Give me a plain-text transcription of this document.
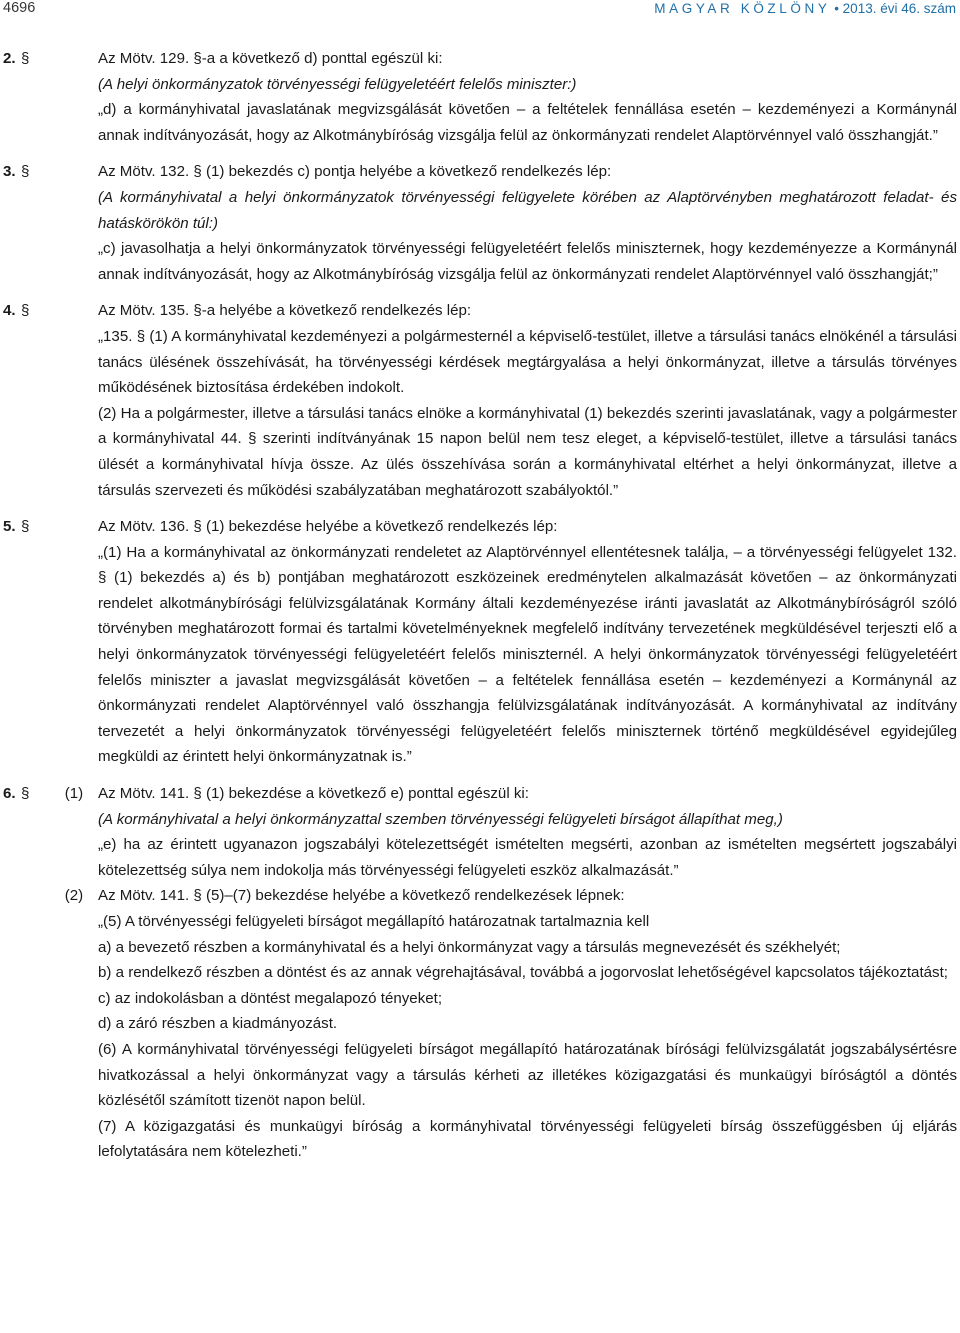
4696	MAGYAR KÖZLÖNY • 2013. évi 46. szám
2. §	Az Mötv. 129. §-a a következő d) ponttal egészül ki:

(A helyi önkormányzatok törvényességi felügyeletéért felelős miniszter:)

„d) a kormányhivatal javaslatának megvizsgálását követően – a feltételek fennállása esetén – kezdeményezi a Kormánynál annak indítványozását, hogy az Alkotmánybíróság vizsgálja felül az önkormányzati rendelet Alaptörvénnyel való összhangját.”

3. §	Az Mötv. 132. § (1) bekezdés c) pontja helyébe a következő rendelkezés lép:

(A kormányhivatal a helyi önkormányzatok törvényességi felügyelete körében az Alaptörvényben meghatározott feladat- és hatáskörökön túl:)

„c) javasolhatja a helyi önkormányzatok törvényességi felügyeletéért felelős miniszternek, hogy kezdeményezze a Kormánynál annak indítványozását, hogy az Alkotmánybíróság vizsgálja felül az önkormányzati rendelet Alaptörvénnyel való összhangját;”

4. §	Az Mötv. 135. §-a helyébe a következő rendelkezés lép:

„135. § (1) A kormányhivatal kezdeményezi a polgármesternél a képviselő-testület, illetve a társulási tanács elnökénél a társulási tanács ülésének összehívását, ha törvényességi kérdések megtárgyalása a helyi önkormányzat, illetve a társulás törvényes működésének biztosítása érdekében indokolt.

(2) Ha a polgármester, illetve a társulási tanács elnöke a kormányhivatal (1) bekezdés szerinti javaslatának, vagy a polgármester a kormányhivatal 44. § szerinti indítványának 15 napon belül nem tesz eleget, a képviselő-testület, illetve a társulási tanács ülését a kormányhivatal hívja össze. Az ülés összehívása során a kormányhivatal eltérhet a helyi önkormányzat, illetve a társulás szervezeti és működési szabályzatában meghatározott szabályoktól.”

5. §	Az Mötv. 136. § (1) bekezdése helyébe a következő rendelkezés lép:

„(1) Ha a kormányhivatal az önkormányzati rendeletet az Alaptörvénnyel ellentétesnek találja, – a törvényességi felügyelet 132. § (1) bekezdés a) és b) pontjában meghatározott eszközeinek eredménytelen alkalmazását követően – az önkormányzati rendelet alkotmánybírósági felülvizsgálatának Kormány általi kezdeményezése iránti javaslatát az Alkotmánybíróságról szóló törvényben meghatározott formai és tartalmi követelményeknek megfelelő indítvány tervezetének megküldésével terjeszti elő a helyi önkormányzatok törvényességi felügyeletéért felelős miniszternél. A helyi önkormányzatok törvényességi felügyeletéért felelős miniszter a javaslat megvizsgálását követően – a feltételek fennállása esetén – kezdeményezi a Kormánynál az önkormányzati rendelet Alaptörvénnyel való összhangja felülvizsgálatának indítványozását. A kormányhivatal az indítvány tervezetét a helyi önkormányzatok törvényességi felügyeletéért felelős miniszternek történő megküldésével egyidejűleg megküldi az érintett helyi önkormányzatnak is.”

6. §	(1) Az Mötv. 141. § (1) bekezdése a következő e) ponttal egészül ki:

(A kormányhivatal a helyi önkormányzattal szemben törvényességi felügyeleti bírságot állapíthat meg,)

„e) ha az érintett ugyanazon jogszabályi kötelezettségét ismételten megsérti, azonban az ismételten megsértett jogszabályi kötelezettség súlya nem indokolja más törvényességi felügyeleti eszköz alkalmazását.”

(2) Az Mötv. 141. § (5)–(7) bekezdése helyébe a következő rendelkezések lépnek:

„(5) A törvényességi felügyeleti bírságot megállapító határozatnak tartalmaznia kell

a) a bevezető részben a kormányhivatal és a helyi önkormányzat vagy a társulás megnevezését és székhelyét;

b) a rendelkező részben a döntést és az annak végrehajtásával, továbbá a jogorvoslat lehetőségével kapcsolatos tájékoztatást;

c) az indokolásban a döntést megalapozó tényeket;

d) a záró részben a kiadmányozást.

(6) A kormányhivatal törvényességi felügyeleti bírságot megállapító határozatának bírósági felülvizsgálatát jogszabálysértésre hivatkozással a helyi önkormányzat vagy a társulás kérheti az illetékes közigazgatási és munkaügyi bíróságtól a döntés közlésétől számított tizenöt napon belül.

(7) A közigazgatási és munkaügyi bíróság a kormányhivatal törvényességi felügyeleti bírság összefüggésben új eljárás lefolytatására nem kötelezheti.”
